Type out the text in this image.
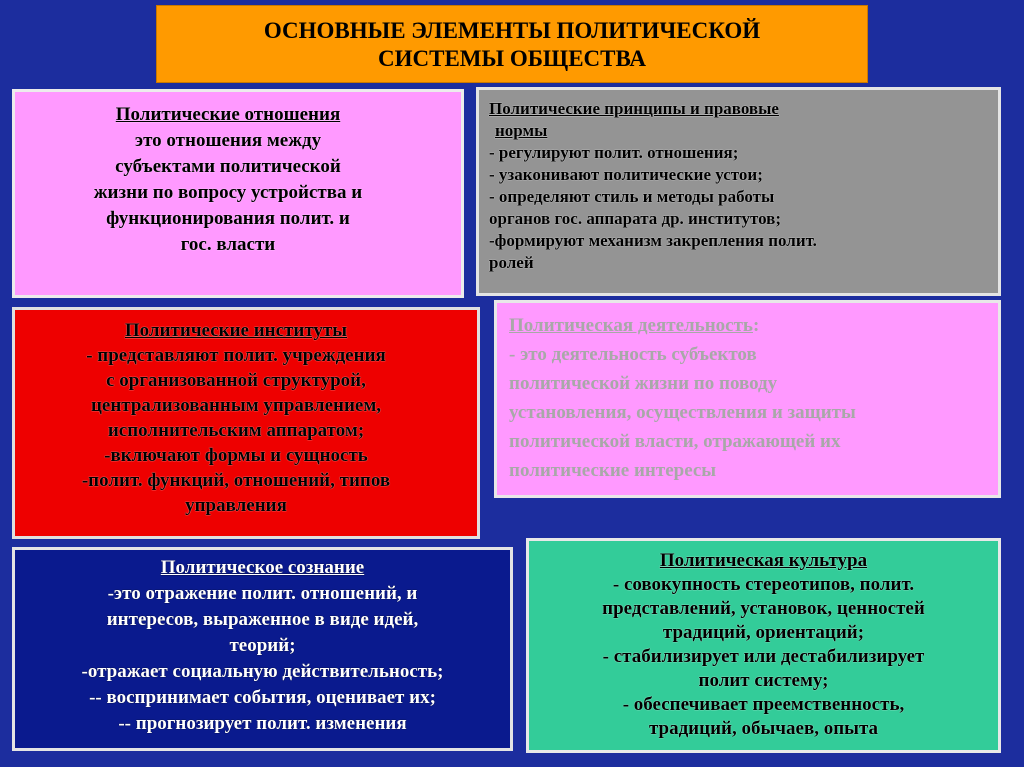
ОСНОВНЫЕ ЭЛЕМЕНТЫ ПОЛИТИЧЕСКОЙ
СИСТЕМЫ ОБЩЕСТВА
Политические отношения
это отношения между
субъектами политической
жизни по вопросу устройства и
функционирования полит. и
гос. власти
Политические принципы и правовые
нормы
- регулируют полит. отношения;
- узаконивают политические устои;
- определяют стиль и методы работы
органов гос. аппарата др. институтов;
-формируют механизм закрепления полит.
ролей
Политические институты
- представляют полит. учреждения
с организованной структурой,
централизованным управлением,
исполнительским аппаратом;
-включают формы и сущность
-полит. функций, отношений, типов
управления
Политическая деятельность:
- это деятельность субъектов
политической жизни по поводу
установления, осуществления и защиты
политической власти, отражающей их
политические интересы
Политическое сознание
-это отражение полит. отношений, и
интересов, выраженное в виде идей,
теорий;
-отражает социальную действительность;
-- воспринимает события, оценивает их;
-- прогнозирует полит. изменения
Политическая культура
- совокупность стереотипов, полит.
представлений, установок, ценностей
традиций, ориентаций;
- стабилизирует или дестабилизирует
полит систему;
- обеспечивает преемственность,
традиций, обычаев, опыта
